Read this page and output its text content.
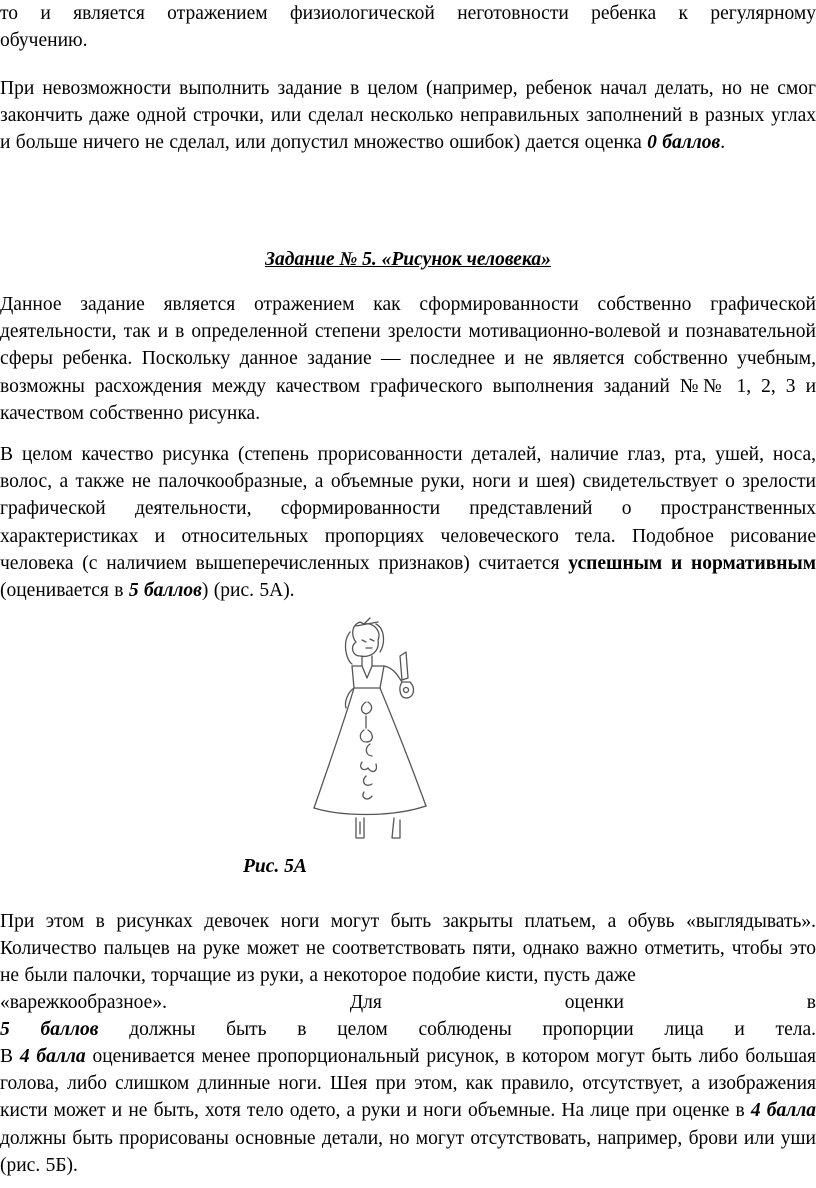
то и является отражением физиологической неготовности ребенка к регулярному

обучению.

При невозможности выполнить задание в целом (например, ребенок начал делать, но не смог закончить даже одной строчки, или сделал несколько неправильных заполнений в разных углах и больше ничего не сделал, или допустил множество ошибок) дается оценка 0 баллов.

Задание № 5. «Рисунок человека»

Данное задание является отражением как сформированности собственно графической деятельности, так и в определенной степени зрелости мотивационно-волевой и познавательной сферы ребенка. Поскольку данное задание — последнее и не является собственно учебным, возможны расхождения между качеством графического выполнения заданий №№ 1, 2, 3 и качеством собственно рисунка.

В целом качество рисунка (степень прорисованности деталей, наличие глаз, рта, ушей, носа, волос, а также не палочкообразные, а объемные руки, ноги и шея) свидетельствует о зрелости графической деятельности, сформированности представлений о пространственных характеристиках и относительных пропорциях человеческого тела. Подобное рисование человека (с наличием вышеперечисленных признаков) считается успешным и нормативным (оценивается в 5 баллов) (рис. 5А).

Рис. 5А

При этом в рисунках девочек ноги могут быть закрыты платьем, а обувь «выглядывать». Количество пальцев на руке может не соответствовать пяти, однако важно отметить, чтобы это не были палочки, торчащие из руки, а некоторое подобие кисти, пусть даже

«варежкообразное». Для оценки в

5 баллов должны быть в целом соблюдены пропорции лица и тела.

В 4 балла оценивается менее пропорциональный рисунок, в котором могут быть либо большая голова, либо слишком длинные ноги. Шея при этом, как правило, отсутствует, а изображения кисти может и не быть, хотя тело одето, а руки и ноги объемные. На лице при оценке в 4 балла должны быть прорисованы основные детали, но могут отсутствовать, например, брови или уши (рис. 5Б).
